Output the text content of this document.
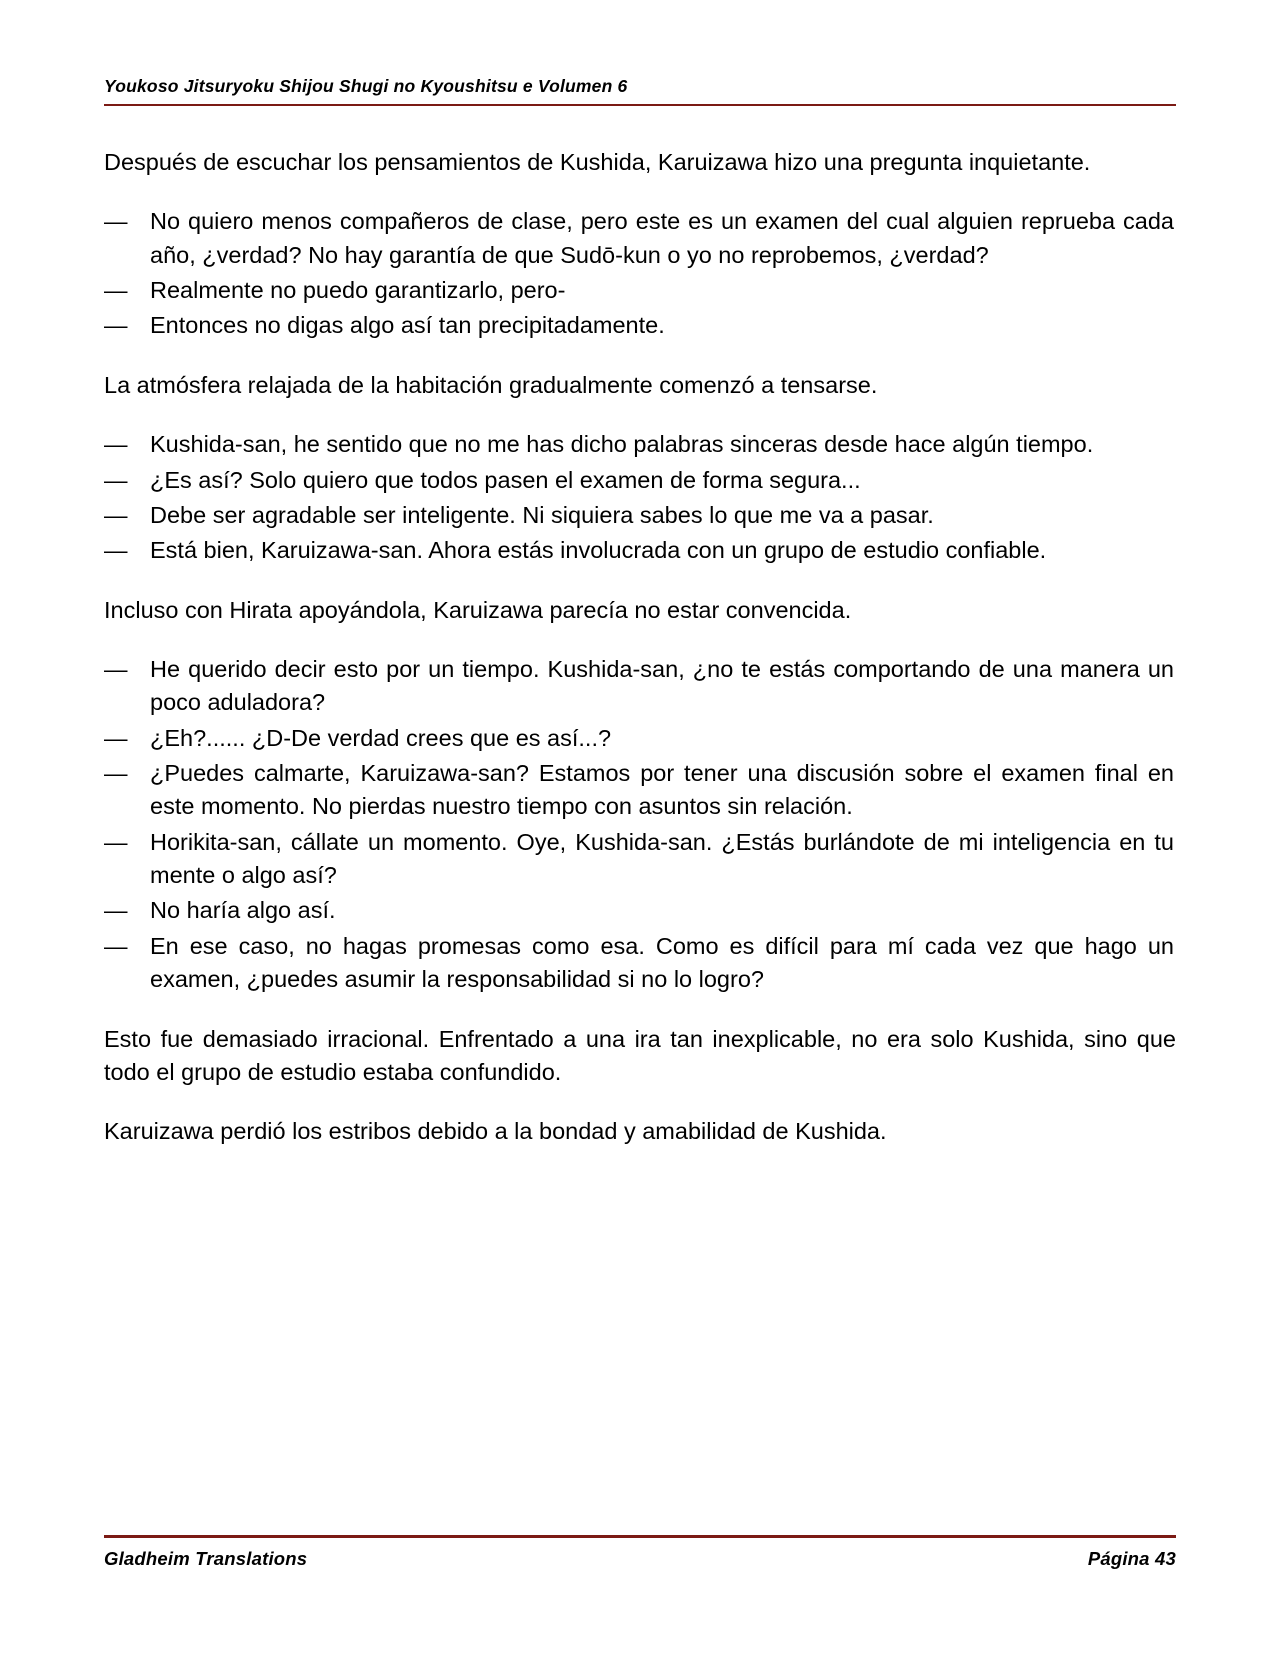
Youkoso Jitsuryoku Shijou Shugi no Kyoushitsu e Volumen 6

Después de escuchar los pensamientos de Kushida, Karuizawa hizo una pregunta inquietante.

— No quiero menos compañeros de clase, pero este es un examen del cual alguien reprueba cada año, ¿verdad? No hay garantía de que Sudō-kun o yo no reprobemos, ¿verdad?
— Realmente no puedo garantizarlo, pero-
— Entonces no digas algo así tan precipitadamente.

La atmósfera relajada de la habitación gradualmente comenzó a tensarse.

— Kushida-san, he sentido que no me has dicho palabras sinceras desde hace algún tiempo.
— ¿Es así? Solo quiero que todos pasen el examen de forma segura...
— Debe ser agradable ser inteligente. Ni siquiera sabes lo que me va a pasar.
— Está bien, Karuizawa-san. Ahora estás involucrada con un grupo de estudio confiable.

Incluso con Hirata apoyándola, Karuizawa parecía no estar convencida.

— He querido decir esto por un tiempo. Kushida-san, ¿no te estás comportando de una manera un poco aduladora?
— ¿Eh?...... ¿D-De verdad crees que es así...?
— ¿Puedes calmarte, Karuizawa-san? Estamos por tener una discusión sobre el examen final en este momento. No pierdas nuestro tiempo con asuntos sin relación.
— Horikita-san, cállate un momento. Oye, Kushida-san. ¿Estás burlándote de mi inteligencia en tu mente o algo así?
— No haría algo así.
— En ese caso, no hagas promesas como esa. Como es difícil para mí cada vez que hago un examen, ¿puedes asumir la responsabilidad si no lo logro?

Esto fue demasiado irracional. Enfrentado a una ira tan inexplicable, no era solo Kushida, sino que todo el grupo de estudio estaba confundido.

Karuizawa perdió los estribos debido a la bondad y amabilidad de Kushida.

Gladheim Translations	Página 43
